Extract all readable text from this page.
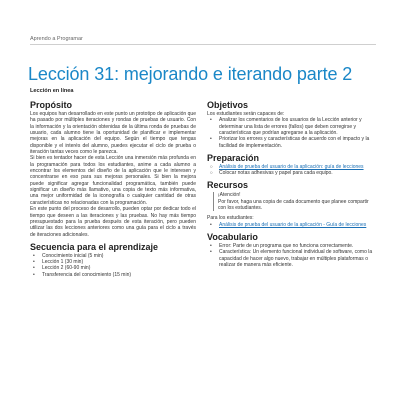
Aprendo a Programar
Lección 31: mejorando e iterando parte 2
Lección en línea
Propósito

Los equipos han desarrollado en este punto un prototipo de aplicación que ha pasado por múltiples iteraciones y rondas de pruebas de usuario. Con la información y la orientación obtenidas de la última ronda de pruebas de usuario, cada alumno tiene la oportunidad de planificar e implementar mejoras en la aplicación del equipo. Según el tiempo que tengas disponible y el interés del alumno, puedes ejecutar el ciclo de prueba o iteración tantas veces como le parezca.

Si bien es tentador hacer de esta Lección una inmersión más profunda en la programación para todos los estudiantes, anime a cada alumno a encontrar los elementos del diseño de la aplicación que le interesen y concentrarse en eso para sus mejoras personales. Si bien la mejora puede significar agregar funcionalidad programática, también puede significar un diseño más llamativo, una copia de texto más informativa, una mejor uniformidad de la iconografía o cualquier cantidad de otras características no relacionadas con la programación.

En este punto del proceso de desarrollo, pueden optar por dedicar todo el tiempo que deseen a las iteraciones y las pruebas. No hay más tiempo presupuestado para la prueba después de esta iteración, pero pueden utilizar las dos lecciones anteriores como una guía para el ciclo a través de iteraciones adicionales.

Secuencia para el aprendizaje
• Conocimiento inicial (5 min)
• Lección 1 (30 min)
• Lección 2 (60-90 min)
• Transferencia del conocimiento (15 min)
Objetivos

Los estudiantes serán capaces de:

• Analizar los comentarios de los usuarios de la Lección anterior y determinar una lista de errores (fallos) que deben corregirse y características que podrían agregarse a la aplicación.
• Priorizar los errores y características de acuerdo con el impacto y la facilidad de implementación.
Preparación
○ Análisis de prueba del usuario de la aplicación: guía de lecciones
○ Colocar notas adhesivas y papel para cada equipo.
Recursos
¡Atención!
Por favor, haga una copia de cada documento que planee compartir con los estudiantes.

Para los estudiantes:

• Análisis de prueba del usuario de la aplicación - Guía de lecciones
Vocabulario
• Error: Parte de un programa que no funciona correctamente.
• Característica: Un elemento funcional individual de software, como la capacidad de hacer algo nuevo, trabajar en múltiples plataformas o realizar de manera más eficiente.
